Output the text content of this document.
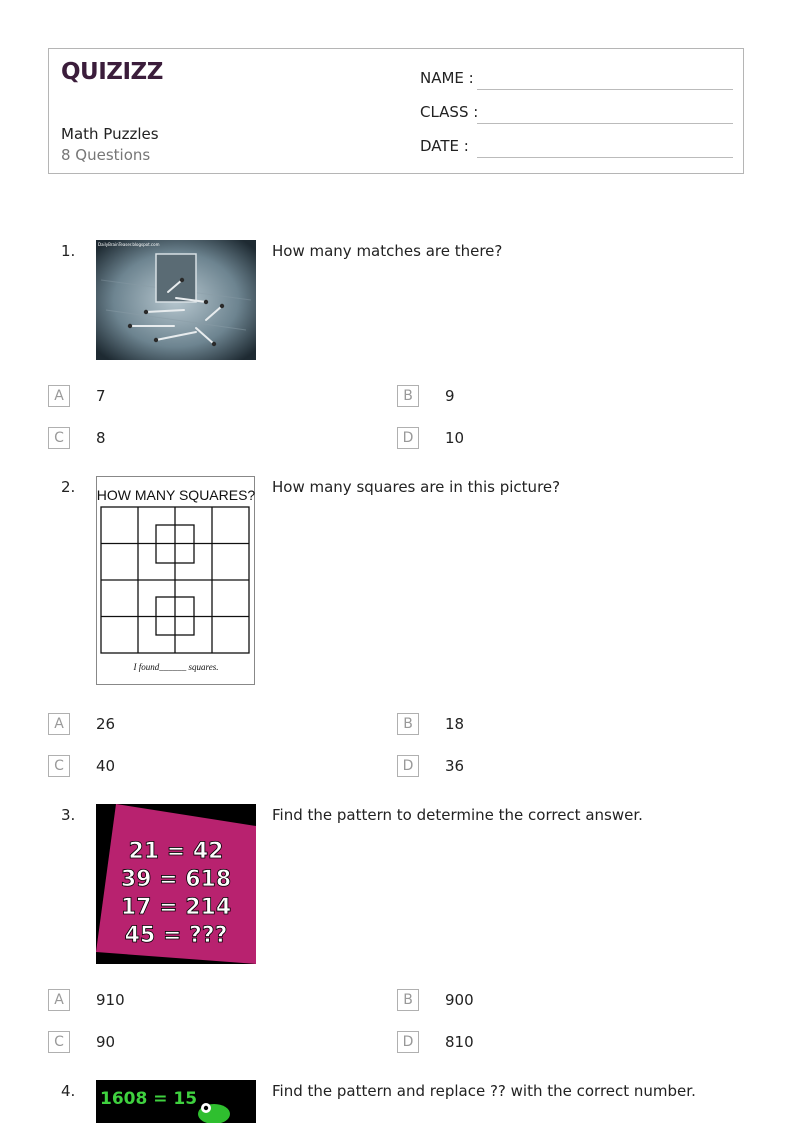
QUIZIZZ
Math Puzzles
8 Questions
NAME :
CLASS :
DATE :
1.	DailyBrainTeaser.blogspot.com	How many matches are there?
A	7	B	9
C	8	D	10
2. HOW MANY SQUARES?
I found______ squares.
How many squares are in this picture?
A	26	B	18
C	40	D	36
3.
21 = 42
39 = 618
17 = 214
45 = ???
Find the pattern to determine the correct answer.
A	910	B	900
C	90	D	810
4. 1608 = 15	Find the pattern and replace ?? with the correct number.
